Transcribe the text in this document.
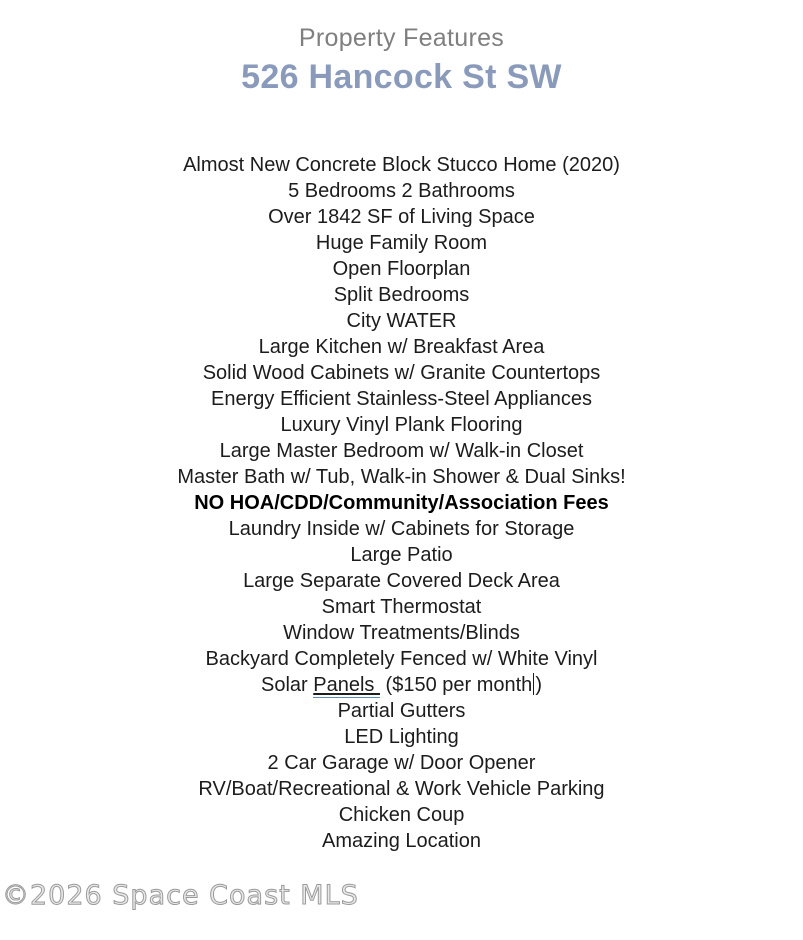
Property Features
526 Hancock St SW
Almost New Concrete Block Stucco Home (2020)
5 Bedrooms 2 Bathrooms
Over 1842 SF of Living Space
Huge Family Room
Open Floorplan
Split Bedrooms
City WATER
Large Kitchen w/ Breakfast Area
Solid Wood Cabinets w/ Granite Countertops
Energy Efficient Stainless-Steel Appliances
Luxury Vinyl Plank Flooring
Large Master Bedroom w/ Walk-in Closet
Master Bath w/ Tub, Walk-in Shower & Dual Sinks!
NO HOA/CDD/Community/Association Fees
Laundry Inside w/ Cabinets for Storage
Large Patio
Large Separate Covered Deck Area
Smart Thermostat
Window Treatments/Blinds
Backyard Completely Fenced w/ White Vinyl
Solar Panels  ($150 per month )
Partial Gutters
LED Lighting
2 Car Garage w/ Door Opener
RV/Boat/Recreational & Work Vehicle Parking
Chicken Coup
Amazing Location
©2026 Space Coast MLS
